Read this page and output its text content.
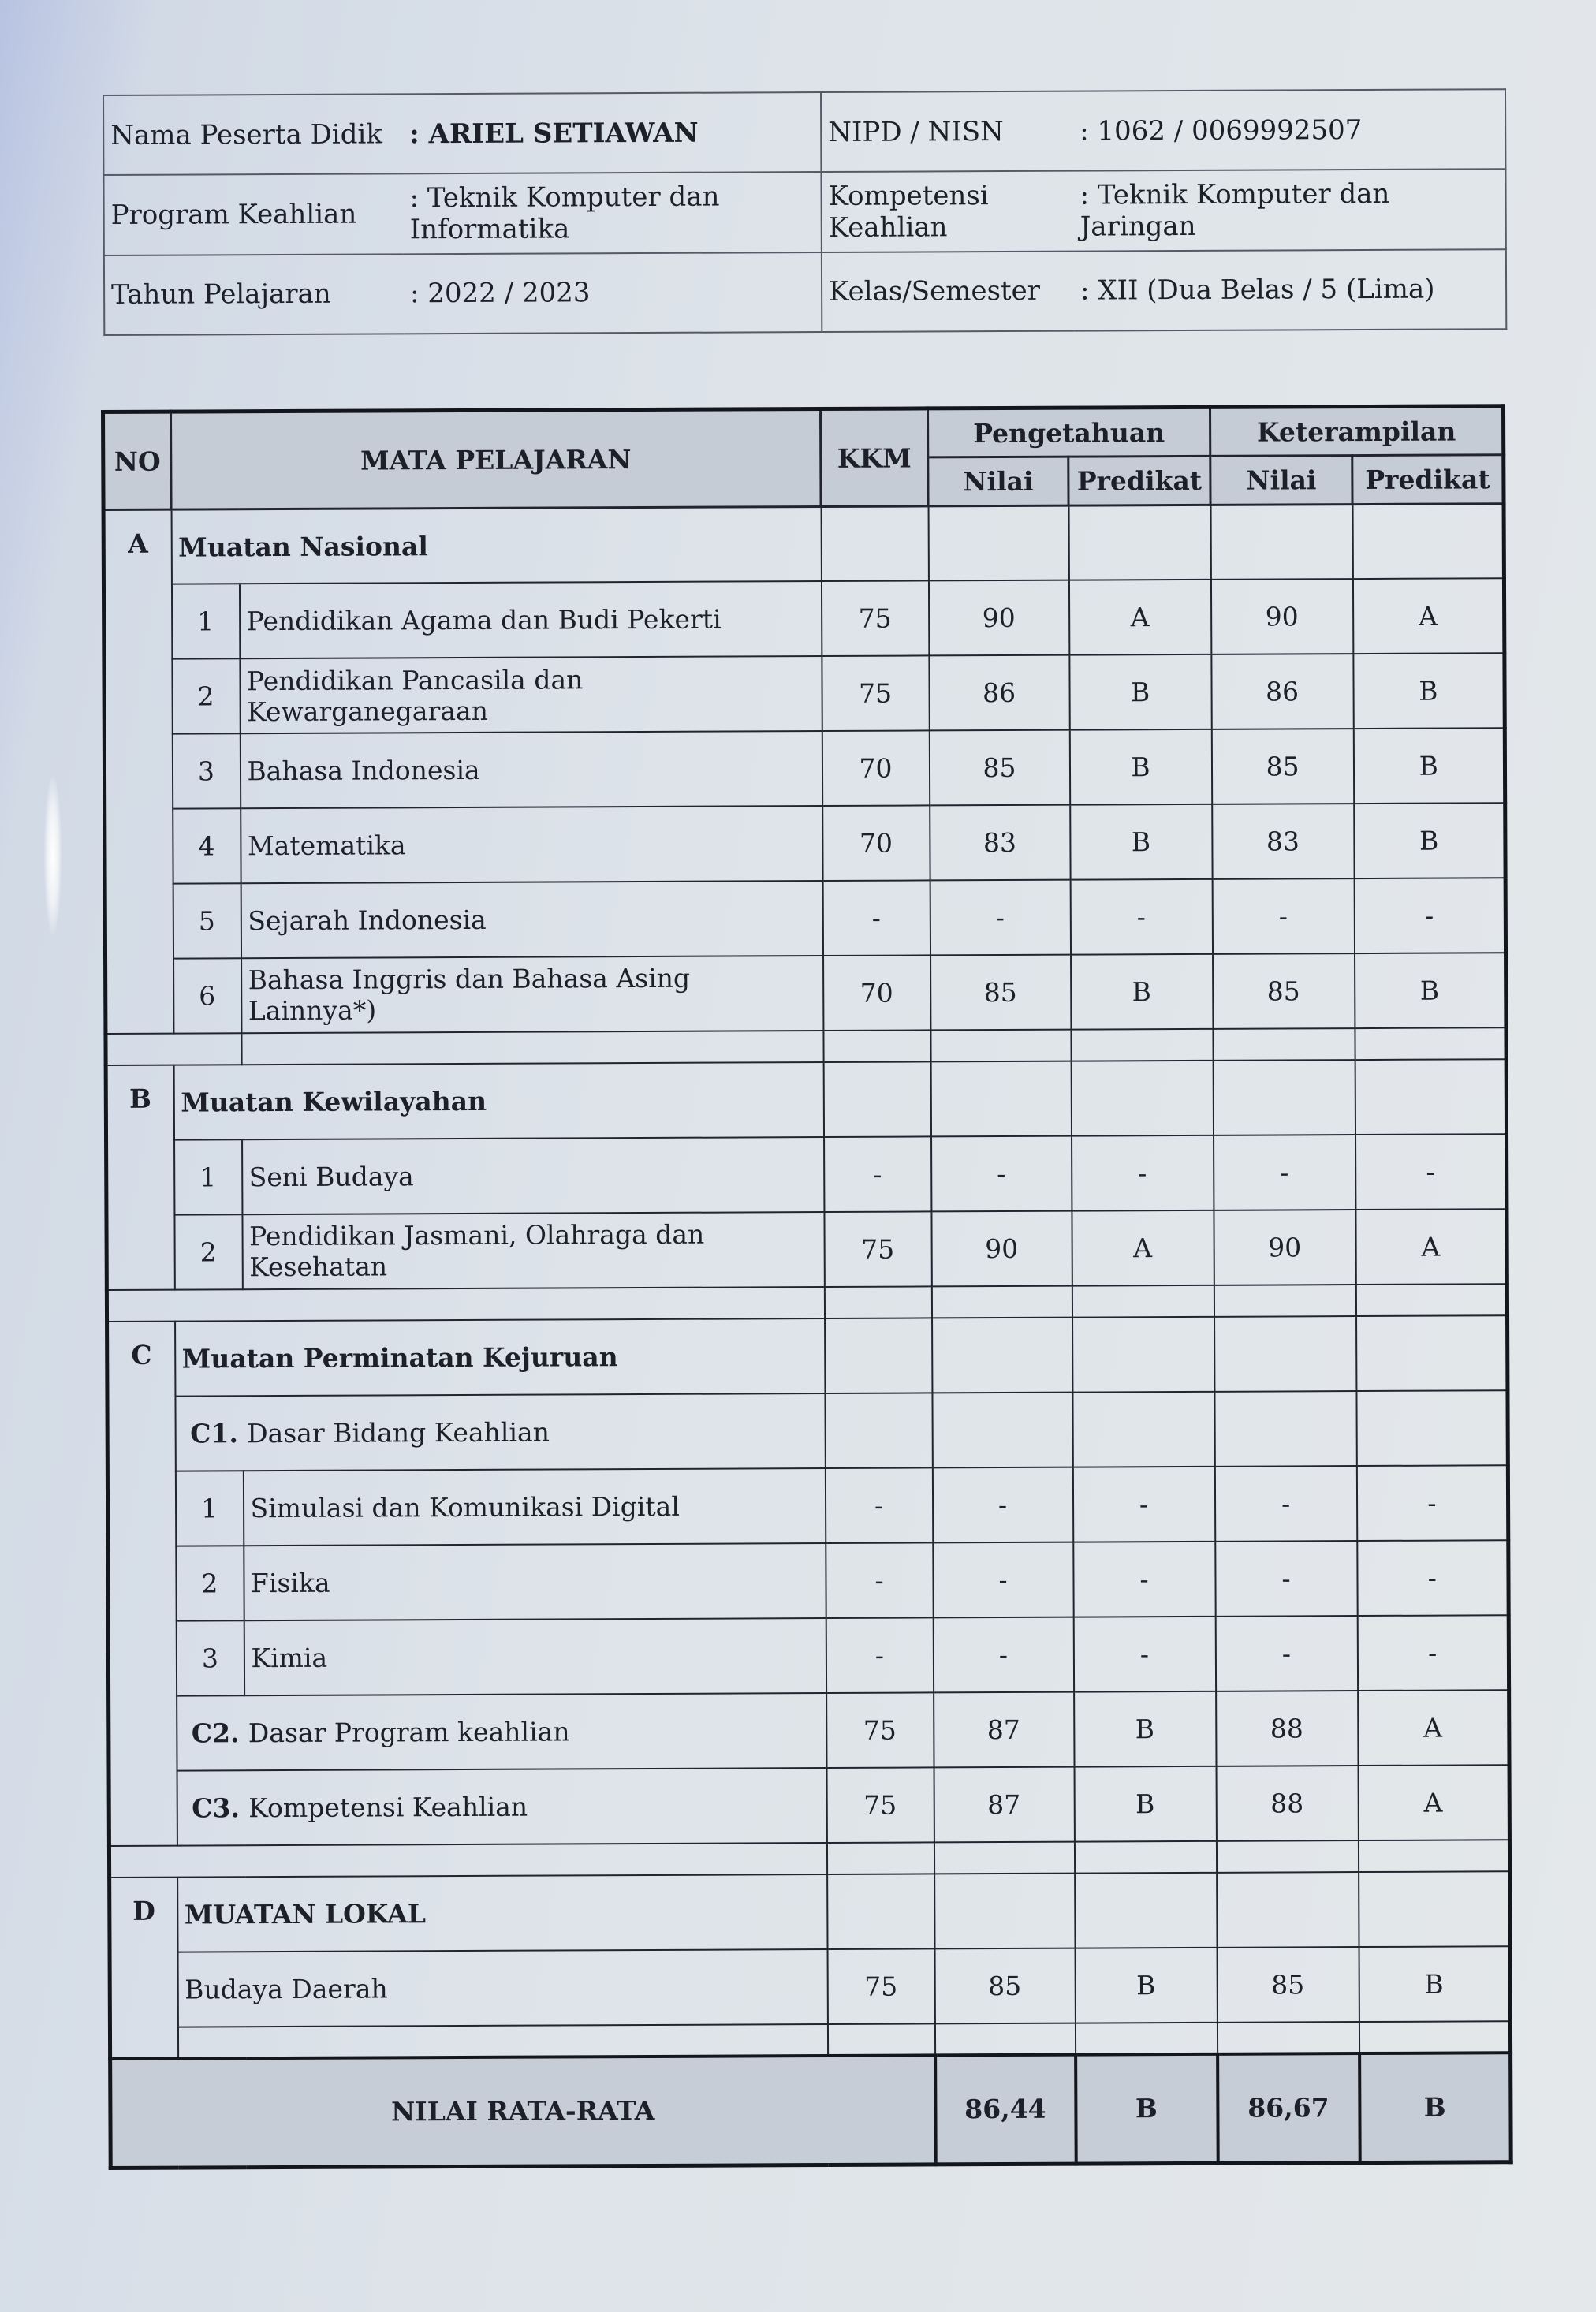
Nama Peserta Didik	: ARIEL SETIAWAN	NIPD / NISN	: 1062 / 0069992507
Program Keahlian	: Teknik Komputer dan Informatika	Kompetensi Keahlian	: Teknik Komputer dan Jaringan
Tahun Pelajaran	: 2022 / 2023	Kelas/Semester	: XII (Dua Belas / 5 (Lima)
NO	MATA PELAJARAN		KKM	Pengetahuan		Keterampilan	
				Nilai	Predikat	Nilai	Predikat
A	Muatan Nasional						
	1	Pendidikan Agama dan Budi Pekerti	75	90	A	90	A
	2	Pendidikan Pancasila dan Kewarganegaraan	75	86	B	86	B
	3	Bahasa Indonesia	70	85	B	85	B
	4	Matematika	70	83	B	83	B
	5	Sejarah Indonesia	-	-	-	-	-
	6	Bahasa Inggris dan Bahasa Asing Lainnya*)	70	85	B	85	B

B	Muatan Kewilayahan						
	1	Seni Budaya	-	-	-	-	-
	2	Pendidikan Jasmani, Olahraga dan Kesehatan	75	90	A	90	A

C	Muatan Perminatan Kejuruan						
	C1. Dasar Bidang Keahlian						
	1	Simulasi dan Komunikasi Digital	-	-	-	-	-
	2	Fisika	-	-	-	-	-
	3	Kimia	-	-	-	-	-
	C2. Dasar Program keahlian		75	87	B	88	A
	C3. Kompetensi Keahlian		75	87	B	88	A

D	MUATAN LOKAL						
	Budaya Daerah		75	85	B	85	B

NILAI RATA-RATA				86,44	B	86,67	B
